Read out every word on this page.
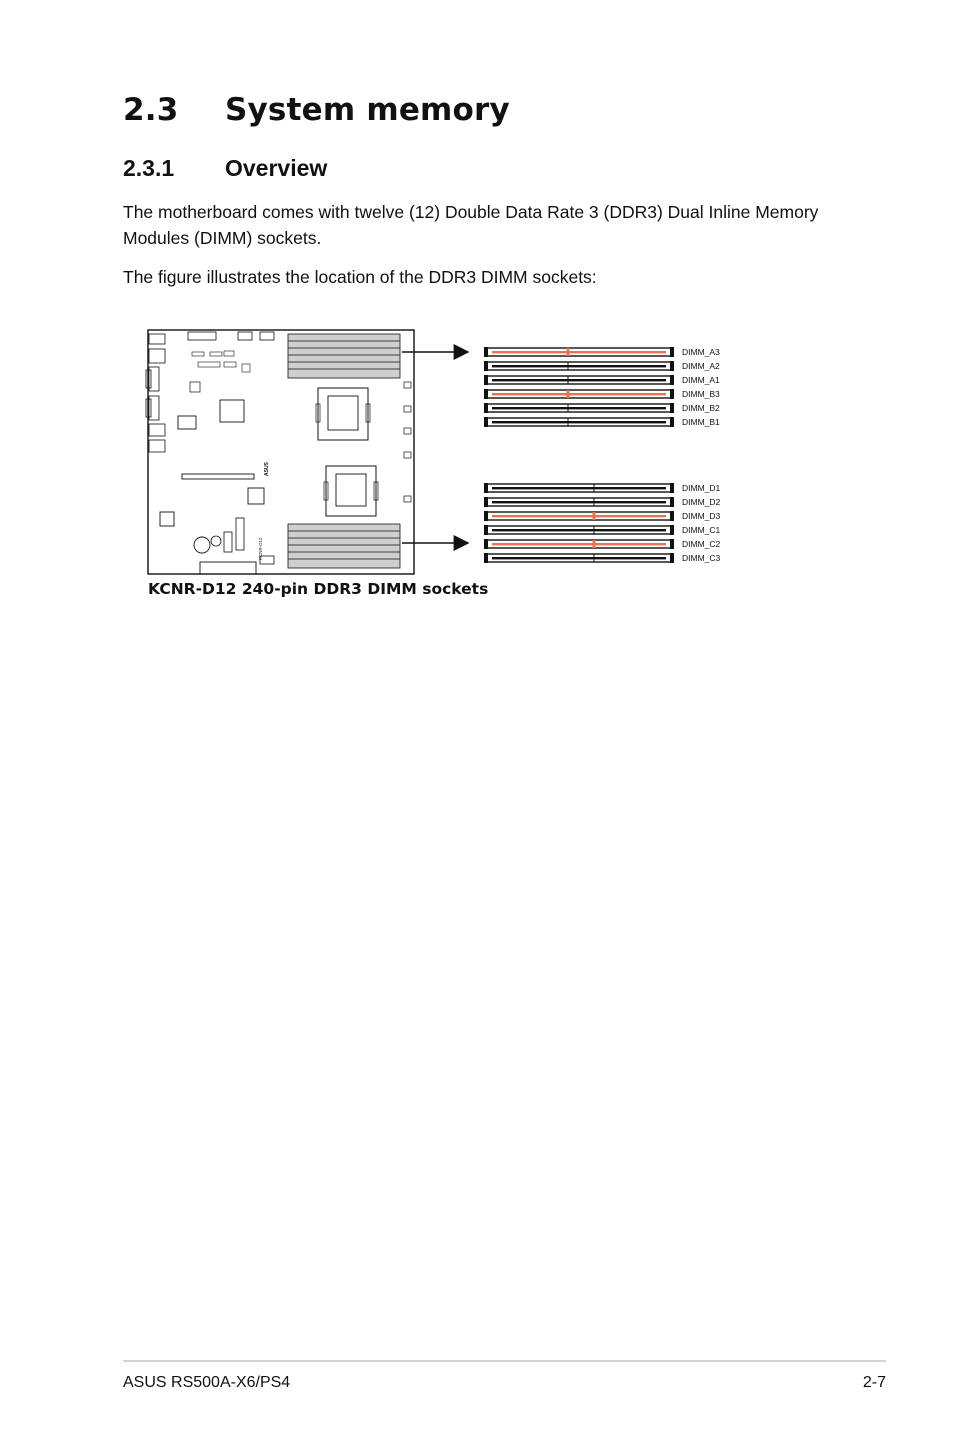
2.3 System memory
2.3.1 Overview

The motherboard comes with twelve (12) Double Data Rate 3 (DDR3) Dual Inline Memory Modules (DIMM) sockets.

The figure illustrates the location of the DDR3 DIMM sockets:

KCNR-D12
ASUS
DIMM_A3
DIMM_A2
DIMM_A1
DIMM_B3
DIMM_B2
DIMM_B1
DIMM_D1
DIMM_D2
DIMM_D3
DIMM_C1
DIMM_C2
DIMM_C3

KCNR-D12 240-pin DDR3 DIMM sockets

ASUS RS500A-X6/PS4	2-7
